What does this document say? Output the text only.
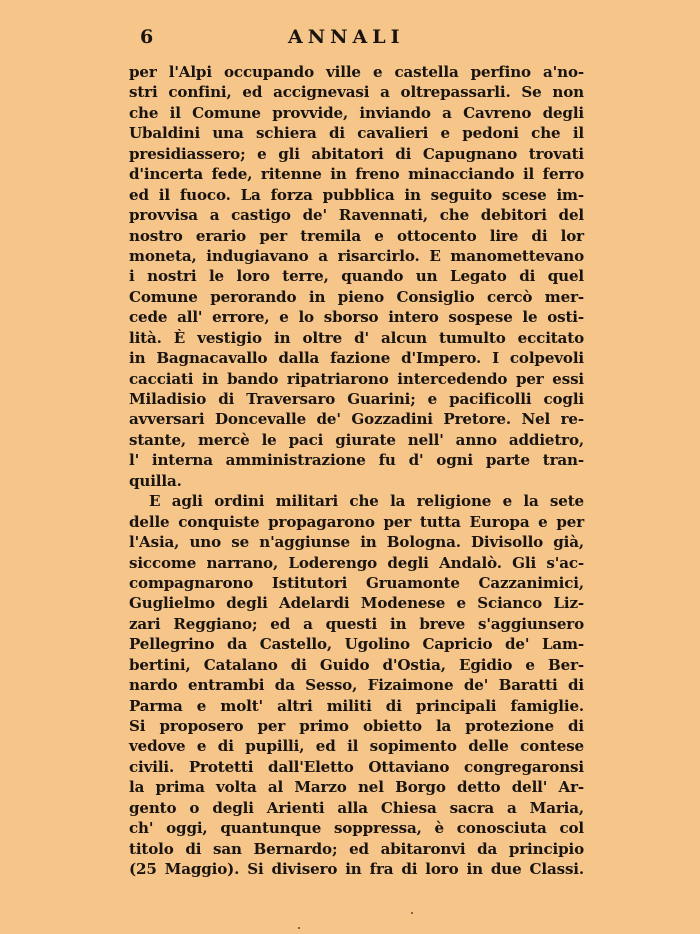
6	ANNALI
per l'Alpi occupando ville e castella perfino a'no-
stri confini, ed accignevasi a oltrepassarli. Se non
che il Comune provvide, inviando a Cavreno degli
Ubaldini una schiera di cavalieri e pedoni che il
presidiassero; e gli abitatori di Capugnano trovati
d'incerta fede, ritenne in freno minacciando il ferro
ed il fuoco. La forza pubblica in seguito scese im-
provvisa a castigo de' Ravennati, che debitori del
nostro erario per tremila e ottocento lire di lor
moneta, indugiavano a risarcirlo. E manomettevano
i nostri le loro terre, quando un Legato di quel
Comune perorando in pieno Consiglio cercò mer-
cede all' errore, e lo sborso intero sospese le osti-
lità. È vestigio in oltre d' alcun tumulto eccitato
in Bagnacavallo dalla fazione d'Impero. I colpevoli
cacciati in bando ripatriarono intercedendo per essi
Miladisio di Traversaro Guarini; e pacificolli cogli
avversari Doncevalle de' Gozzadini Pretore. Nel re-
stante, mercè le paci giurate nell' anno addietro,
l' interna amministrazione fu d' ogni parte tran-
quilla.
E agli ordini militari che la religione e la sete
delle conquiste propagarono per tutta Europa e per
l'Asia, uno se n'aggiunse in Bologna. Divisollo già,
siccome narrano, Loderengo degli Andalò. Gli s'ac-
compagnarono Istitutori Gruamonte Cazzanimici,
Guglielmo degli Adelardi Modenese e Scianco Liz-
zari Reggiano; ed a questi in breve s'aggiunsero
Pellegrino da Castello, Ugolino Capricio de' Lam-
bertini, Catalano di Guido d'Ostia, Egidio e Ber-
nardo entrambi da Sesso, Fizaimone de' Baratti di
Parma e molt' altri militi di principali famiglie.
Si proposero per primo obietto la protezione di
vedove e di pupilli, ed il sopimento delle contese
civili. Protetti dall'Eletto Ottaviano congregaronsi
la prima volta al Marzo nel Borgo detto dell' Ar-
gento o degli Arienti alla Chiesa sacra a Maria,
ch' oggi, quantunque soppressa, è conosciuta col
titolo di san Bernardo; ed abitaronvi da principio
(25 Maggio). Si divisero in fra di loro in due Classi.
